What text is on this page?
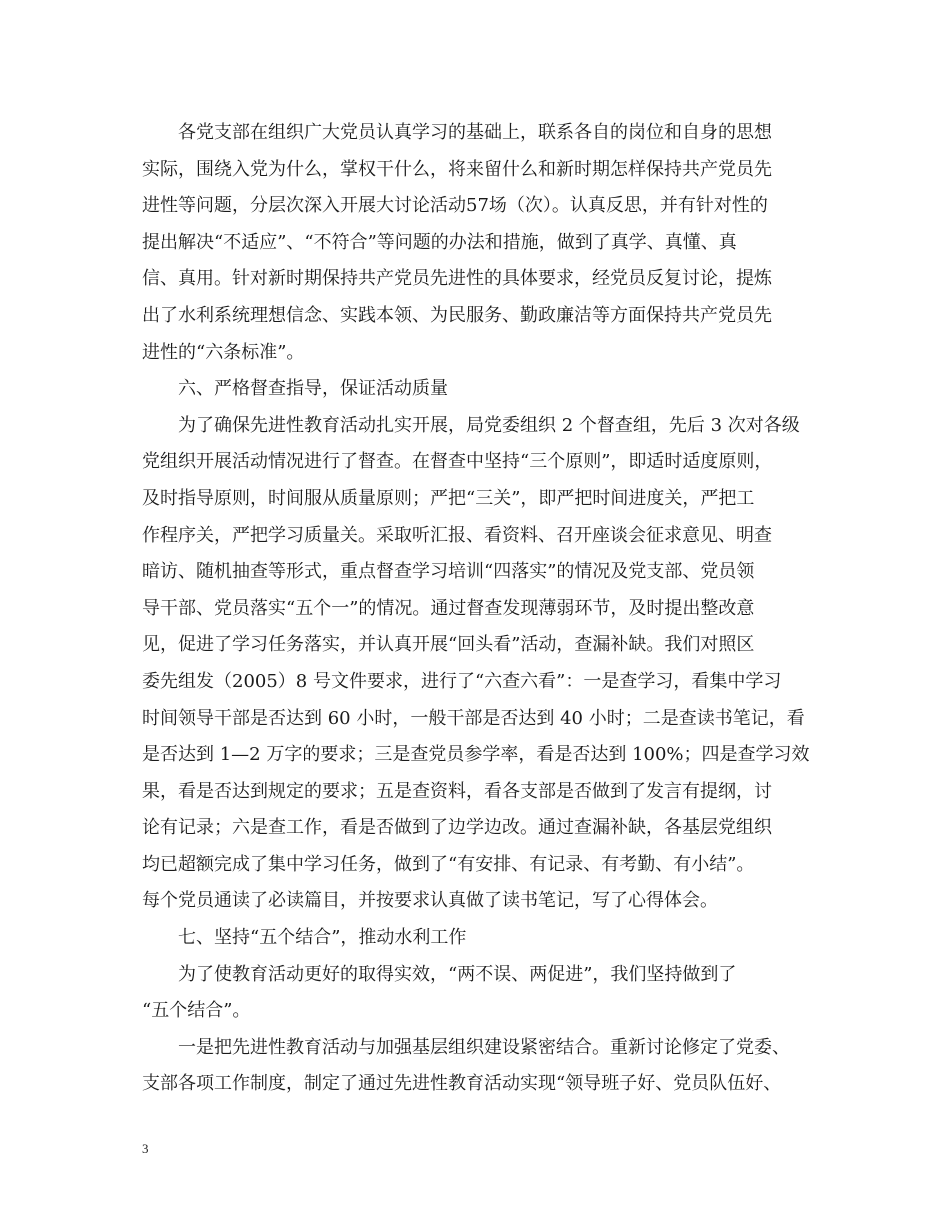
各党支部在组织广大党员认真学习的基础上，联系各自的岗位和自身的思想
实际，围绕入党为什么，掌权干什么，将来留什么和新时期怎样保持共产党员先
进性等问题，分层次深入开展大讨论活动57场（次）。认真反思，并有针对性的
提出解决“不适应”、“不符合”等问题的办法和措施，做到了真学、真懂、真
信、真用。针对新时期保持共产党员先进性的具体要求，经党员反复讨论，提炼
出了水利系统理想信念、实践本领、为民服务、勤政廉洁等方面保持共产党员先
进性的“六条标准”。
六、严格督查指导，保证活动质量
为了确保先进性教育活动扎实开展，局党委组织 2 个督查组，先后 3 次对各级
党组织开展活动情况进行了督查。在督查中坚持“三个原则”，即适时适度原则，
及时指导原则，时间服从质量原则；严把“三关”，即严把时间进度关，严把工
作程序关，严把学习质量关。采取听汇报、看资料、召开座谈会征求意见、明查
暗访、随机抽查等形式，重点督查学习培训“四落实”的情况及党支部、党员领
导干部、党员落实“五个一”的情况。通过督查发现薄弱环节，及时提出整改意
见，促进了学习任务落实，并认真开展“回头看”活动，查漏补缺。我们对照区
委先组发（2005）8 号文件要求，进行了“六查六看”：一是查学习，看集中学习
时间领导干部是否达到 60 小时，一般干部是否达到 40 小时；二是查读书笔记，看
是否达到 1—2 万字的要求；三是查党员参学率，看是否达到 100%；四是查学习效
果，看是否达到规定的要求；五是查资料，看各支部是否做到了发言有提纲，讨
论有记录；六是查工作，看是否做到了边学边改。通过查漏补缺，各基层党组织
均已超额完成了集中学习任务，做到了“有安排、有记录、有考勤、有小结”。
每个党员通读了必读篇目，并按要求认真做了读书笔记，写了心得体会。
七、坚持“五个结合”，推动水利工作
为了使教育活动更好的取得实效，“两不误、两促进”，我们坚持做到了
“五个结合”。
一是把先进性教育活动与加强基层组织建设紧密结合。重新讨论修定了党委、
支部各项工作制度，制定了通过先进性教育活动实现“领导班子好、党员队伍好、
3
